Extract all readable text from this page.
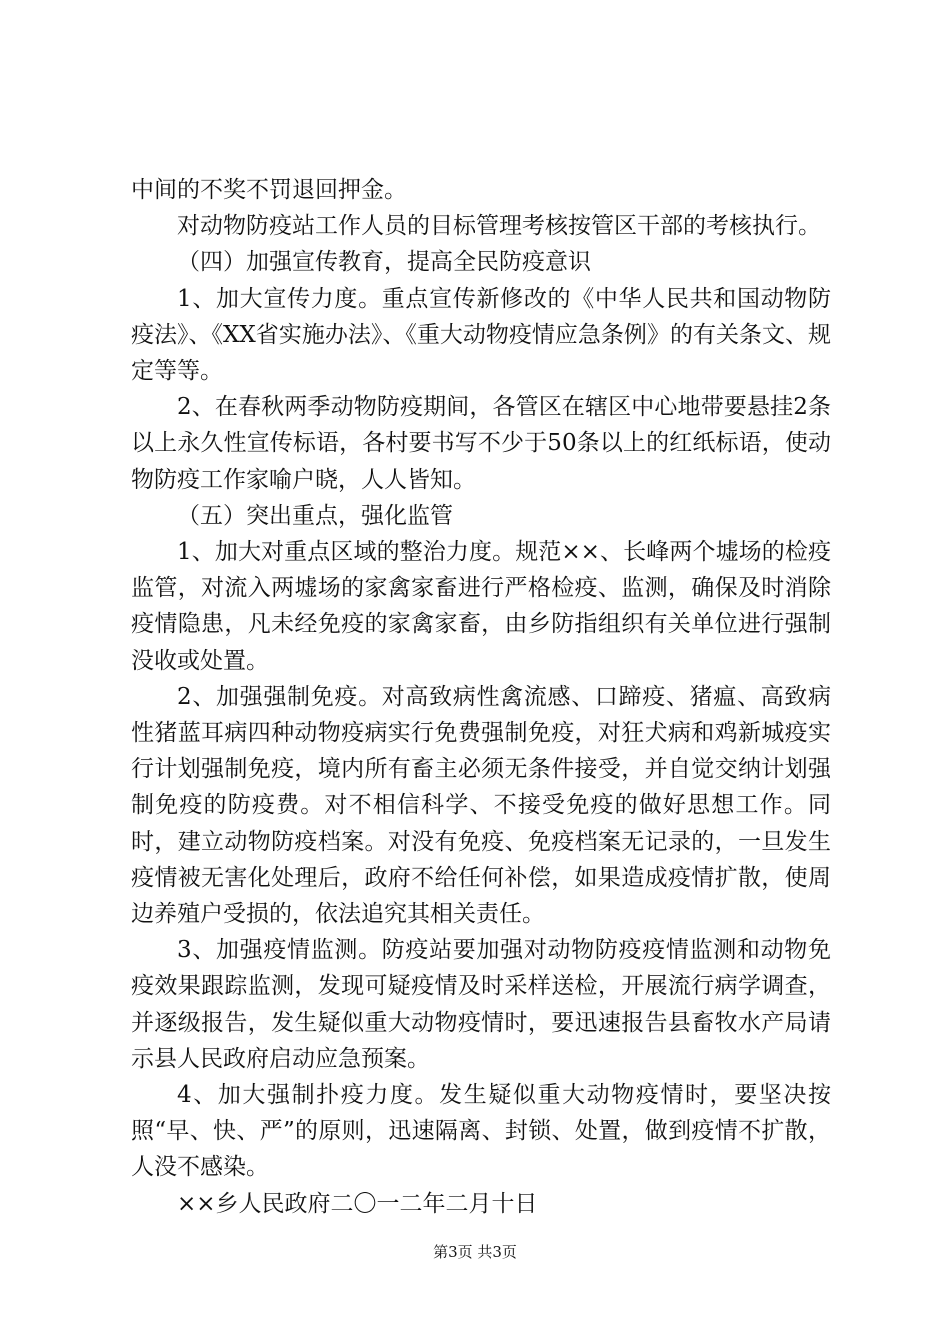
中间的不奖不罚退回押金。

对动物防疫站工作人员的目标管理考核按管区干部的考核执行。

（四）加强宣传教育，提高全民防疫意识

1、加大宣传力度。重点宣传新修改的《中华人民共和国动物防疫法》、《XX省实施办法》、《重大动物疫情应急条例》的有关条文、规定等等。

2、在春秋两季动物防疫期间，各管区在辖区中心地带要悬挂2条以上永久性宣传标语，各村要书写不少于50条以上的红纸标语，使动物防疫工作家喻户晓，人人皆知。

（五）突出重点，强化监管

1、加大对重点区域的整治力度。规范××、长峰两个墟场的检疫监管，对流入两墟场的家禽家畜进行严格检疫、监测，确保及时消除疫情隐患，凡未经免疫的家禽家畜，由乡防指组织有关单位进行强制没收或处置。

2、加强强制免疫。对高致病性禽流感、口蹄疫、猪瘟、高致病性猪蓝耳病四种动物疫病实行免费强制免疫，对狂犬病和鸡新城疫实行计划强制免疫，境内所有畜主必须无条件接受，并自觉交纳计划强制免疫的防疫费。对不相信科学、不接受免疫的做好思想工作。同时，建立动物防疫档案。对没有免疫、免疫档案无记录的，一旦发生疫情被无害化处理后，政府不给任何补偿，如果造成疫情扩散，使周边养殖户受损的，依法追究其相关责任。

3、加强疫情监测。防疫站要加强对动物防疫疫情监测和动物免疫效果跟踪监测，发现可疑疫情及时采样送检，开展流行病学调查，并逐级报告，发生疑似重大动物疫情时，要迅速报告县畜牧水产局请示县人民政府启动应急预案。

4、加大强制扑疫力度。发生疑似重大动物疫情时，要坚决按照“早、快、严”的原则，迅速隔离、封锁、处置，做到疫情不扩散，人没不感染。

××乡人民政府二〇一二年二月十日

第3页 共3页
